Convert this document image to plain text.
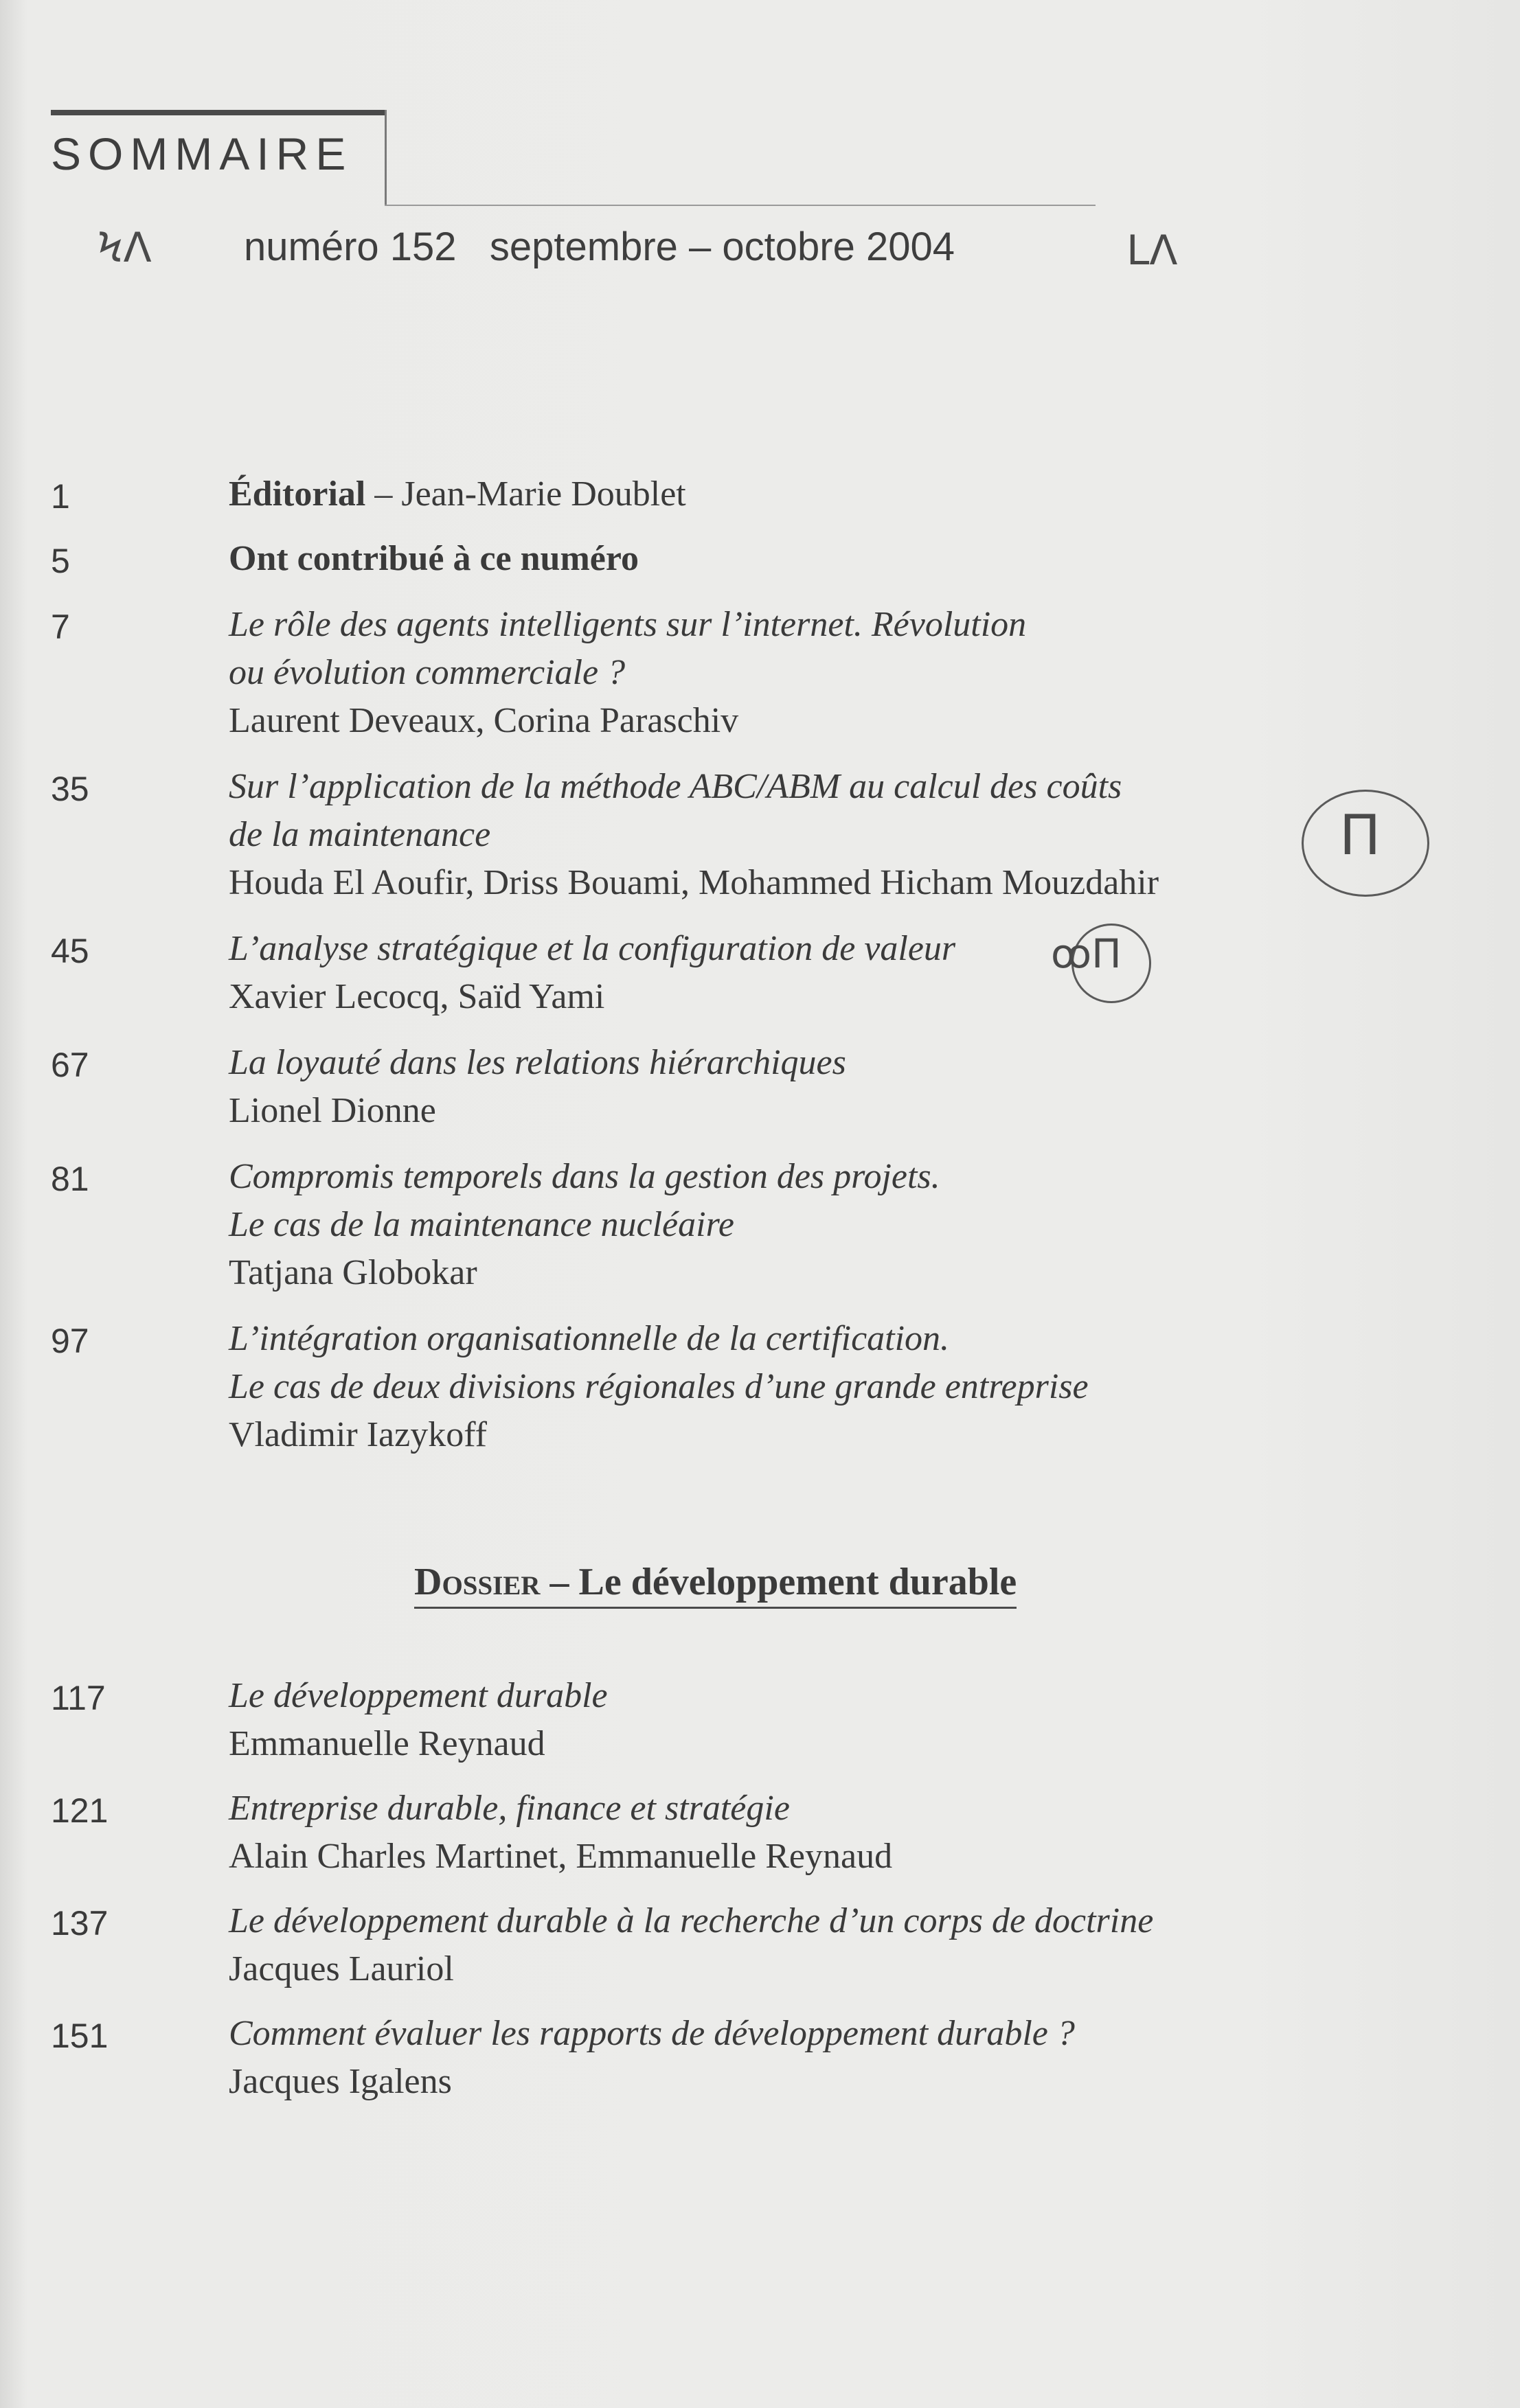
SOMMAIRE
ϞΛ numéro 152   septembre – octobre 2004	LΛ
1	Éditorial – Jean-Marie Doublet
5	Ont contribué à ce numéro
7	Le rôle des agents intelligents sur l’internet. Révolution
ou évolution commerciale ?
Laurent Deveaux, Corina Paraschiv
35	Sur l’application de la méthode ABC/ABM au calcul des coûts
de la maintenance
Houda El Aoufir, Driss Bouami, Mohammed Hicham Mouzdahir
Π
45	L’analyse stratégique et la configuration de valeur
Xavier Lecocq, Saïd Yami
ꝏΠ
67	La loyauté dans les relations hiérarchiques
Lionel Dionne
81	Compromis temporels dans la gestion des projets.
Le cas de la maintenance nucléaire
Tatjana Globokar
97	L’intégration organisationnelle de la certification.
Le cas de deux divisions régionales d’une grande entreprise
Vladimir Iazykoff
Dossier – Le développement durable
117	Le développement durable
Emmanuelle Reynaud
121	Entreprise durable, finance et stratégie
Alain Charles Martinet, Emmanuelle Reynaud
137	Le développement durable à la recherche d’un corps de doctrine
Jacques Lauriol
151	Comment évaluer les rapports de développement durable ?
Jacques Igalens
